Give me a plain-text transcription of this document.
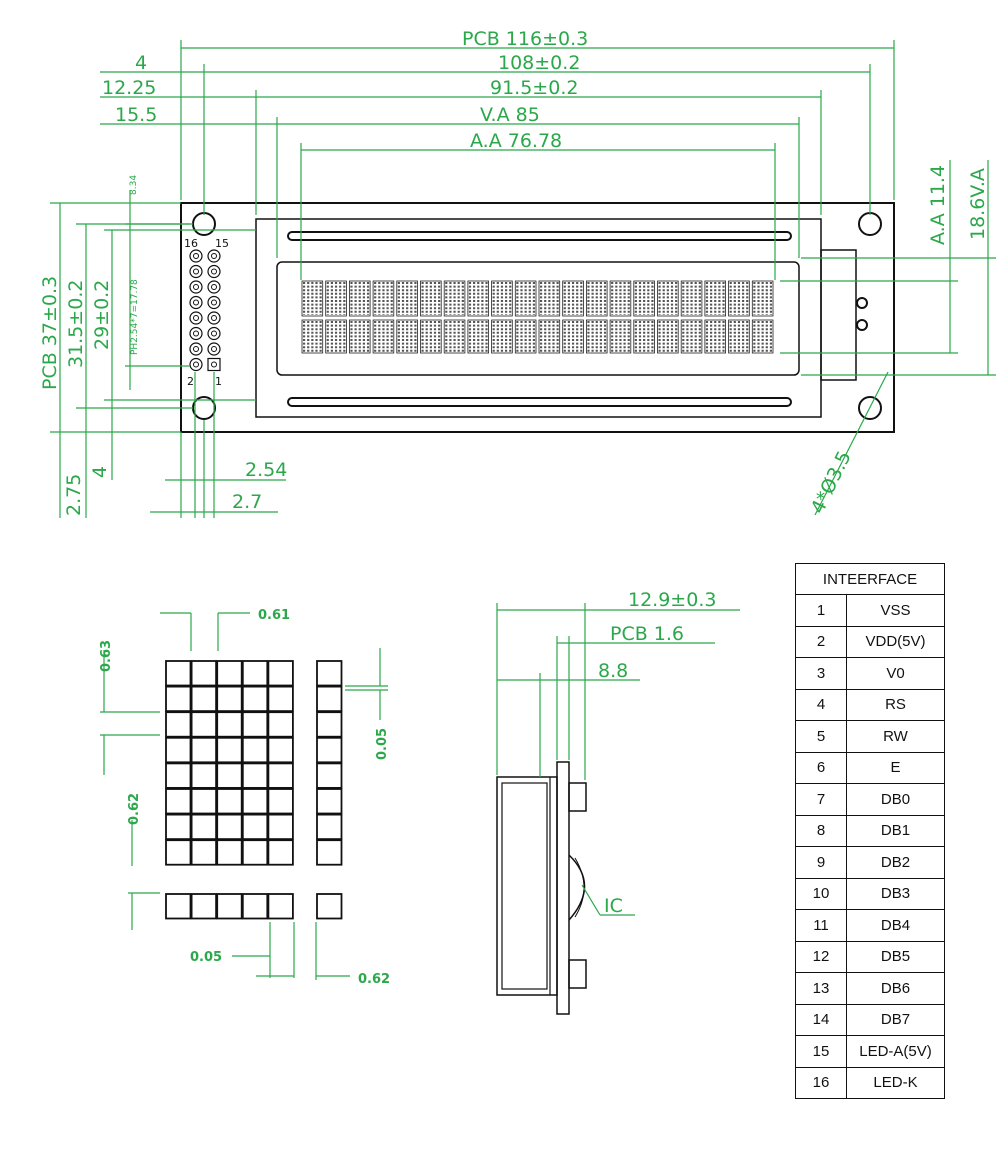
16 15
2 1
PCB 116±0.3
108±0.2
91.5±0.2
V.A 85
A.A 76.78
4
12.25
15.5
PCB 37±0.3 31.5±0.2 29±0.2
2.75
4	2.54
2.7
8.34
PH2.54*7=17.78
A.A 11.4 18.6V.A
4*Ø3.5
0.61
0.63
0.05
0.62
0.05
0.62
12.9±0.3
PCB 1.6
8.8
IC
INTEERFACE	
1	VSS
2	VDD(5V)
3	V0
4	RS
5	RW
6	E
7	DB0
8	DB1
9	DB2
10	DB3
11	DB4
12	DB5
13	DB6
14	DB7
15	LED-A(5V)
16	LED-K
